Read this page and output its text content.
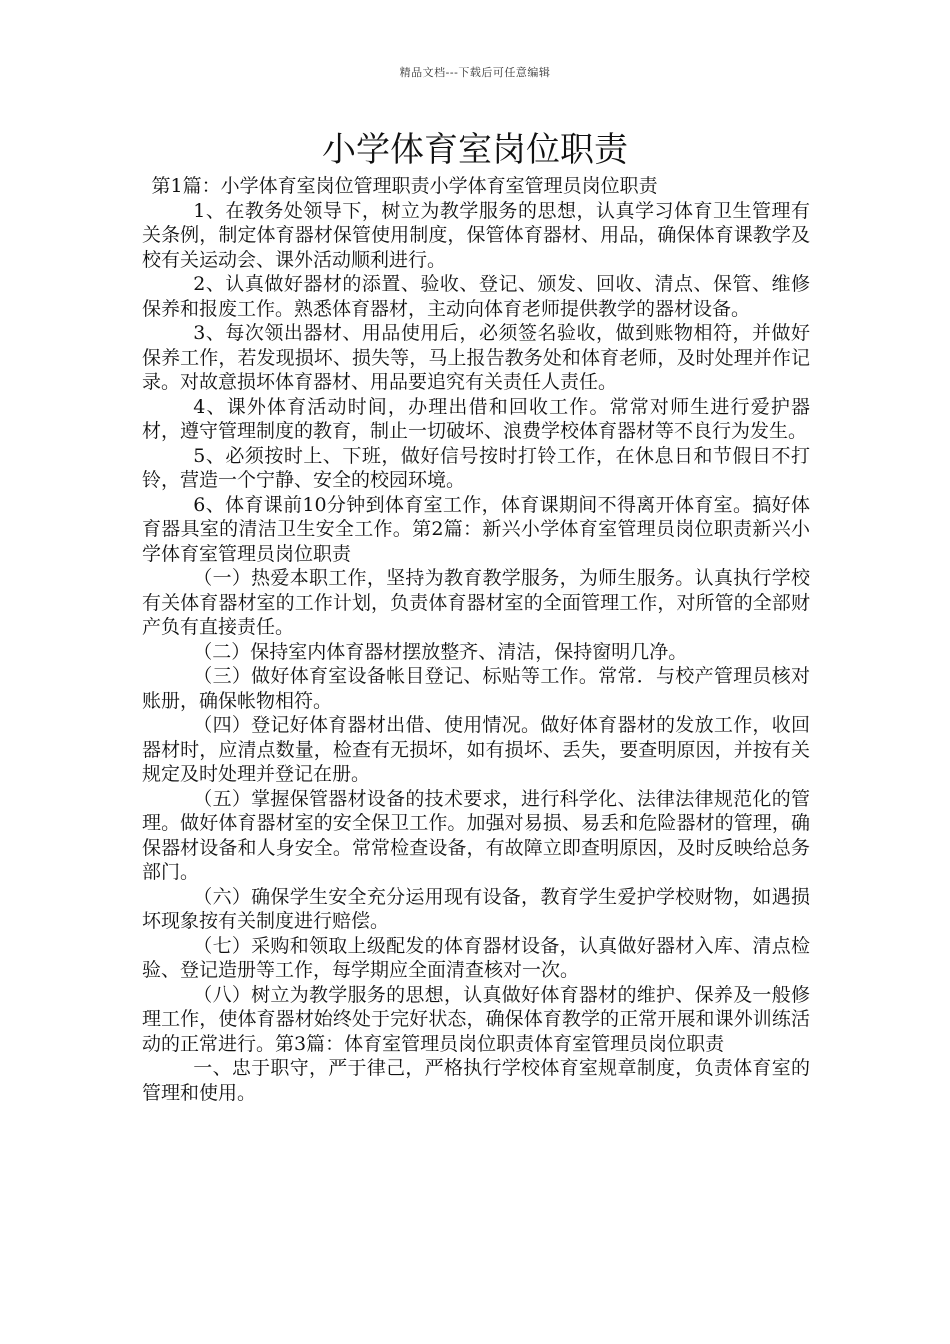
精品文档---下载后可任意编辑
小学体育室岗位职责

第1篇：小学体育室岗位管理职责小学体育室管理员岗位职责

1、在教务处领导下，树立为教学服务的思想，认真学习体育卫生管理有关条例，制定体育器材保管使用制度，保管体育器材、用品，确保体育课教学及校有关运动会、课外活动顺利进行。

2、认真做好器材的添置、验收、登记、颁发、回收、清点、保管、维修保养和报废工作。熟悉体育器材，主动向体育老师提供教学的器材设备。

3、每次领出器材、用品使用后，必须签名验收，做到账物相符，并做好保养工作，若发现损坏、损失等，马上报告教务处和体育老师，及时处理并作记录。对故意损坏体育器材、用品要追究有关责任人责任。

4、课外体育活动时间，办理出借和回收工作。常常对师生进行爱护器材，遵守管理制度的教育，制止一切破坏、浪费学校体育器材等不良行为发生。

5、必须按时上、下班，做好信号按时打铃工作，在休息日和节假日不打铃，营造一个宁静、安全的校园环境。

6、体育课前10分钟到体育室工作，体育课期间不得离开体育室。搞好体育器具室的清洁卫生安全工作。第2篇：新兴小学体育室管理员岗位职责新兴小学体育室管理员岗位职责

（一）热爱本职工作，坚持为教育教学服务，为师生服务。认真执行学校有关体育器材室的工作计划，负责体育器材室的全面管理工作，对所管的全部财产负有直接责任。

（二）保持室内体育器材摆放整齐、清洁，保持窗明几净。

（三）做好体育室设备帐目登记、标贴等工作。常常．与校产管理员核对账册，确保帐物相符。

（四）登记好体育器材出借、使用情况。做好体育器材的发放工作，收回器材时，应清点数量，检查有无损坏，如有损坏、丢失，要查明原因，并按有关规定及时处理并登记在册。

（五）掌握保管器材设备的技术要求，进行科学化、法律法律规范化的管理。做好体育器材室的安全保卫工作。加强对易损、易丢和危险器材的管理，确保器材设备和人身安全。常常检查设备，有故障立即查明原因，及时反映给总务部门。

（六）确保学生安全充分运用现有设备，教育学生爱护学校财物，如遇损坏现象按有关制度进行赔偿。

（七）采购和领取上级配发的体育器材设备，认真做好器材入库、清点检验、登记造册等工作，每学期应全面清查核对一次。

（八）树立为教学服务的思想，认真做好体育器材的维护、保养及一般修理工作，使体育器材始终处于完好状态，确保体育教学的正常开展和课外训练活动的正常进行。第3篇：体育室管理员岗位职责体育室管理员岗位职责

一、忠于职守，严于律己，严格执行学校体育室规章制度，负责体育室的管理和使用。
